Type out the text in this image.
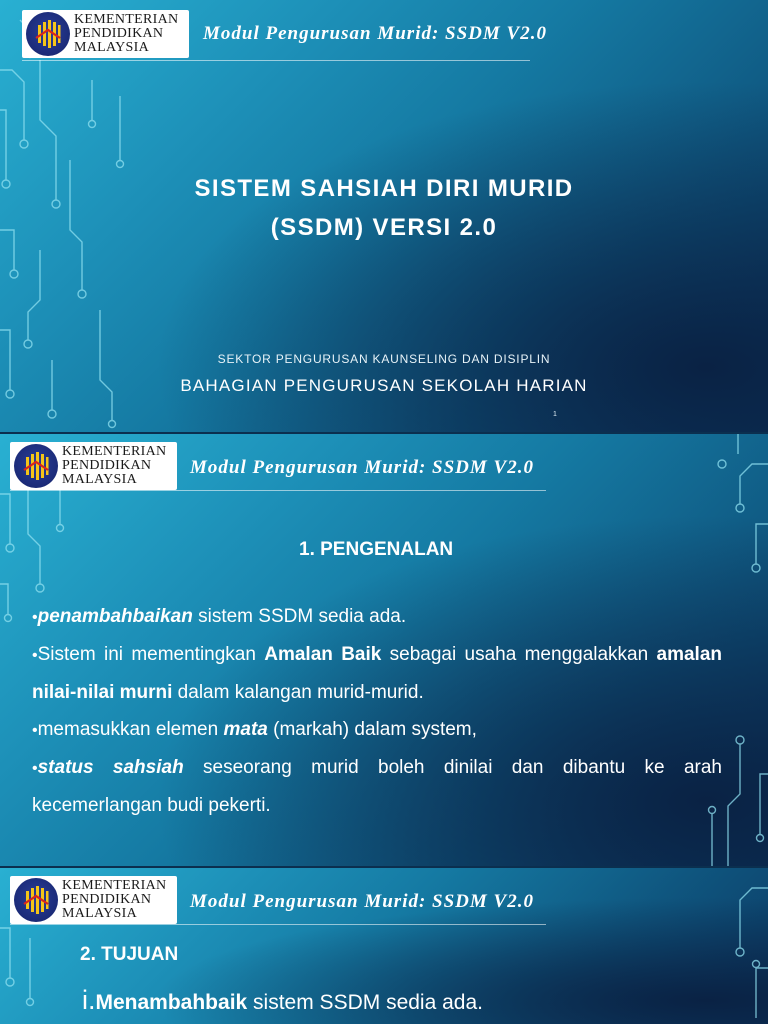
KEMENTERIAN
PENDIDIKAN
MALAYSIA
Modul Pengurusan Murid: SSDM V2.0
SISTEM SAHSIAH DIRI MURID
(SSDM) VERSI 2.0
SEKTOR PENGURUSAN KAUNSELING DAN DISIPLIN
BAHAGIAN PENGURUSAN SEKOLAH HARIAN
1
KEMENTERIAN
PENDIDIKAN
MALAYSIA
Modul Pengurusan Murid: SSDM V2.0
1. PENGENALAN
•penambahbaikan sistem SSDM sedia ada.
•Sistem ini mementingkan Amalan Baik sebagai usaha menggalakkan amalan nilai-nilai murni dalam kalangan murid-murid.
•memasukkan elemen mata (markah) dalam system,
•status sahsiah seseorang murid boleh dinilai dan dibantu ke arah kecemerlangan budi pekerti.
KEMENTERIAN
PENDIDIKAN
MALAYSIA
Modul Pengurusan Murid: SSDM V2.0
2. TUJUAN
i.Menambahbaik sistem SSDM sedia ada.
